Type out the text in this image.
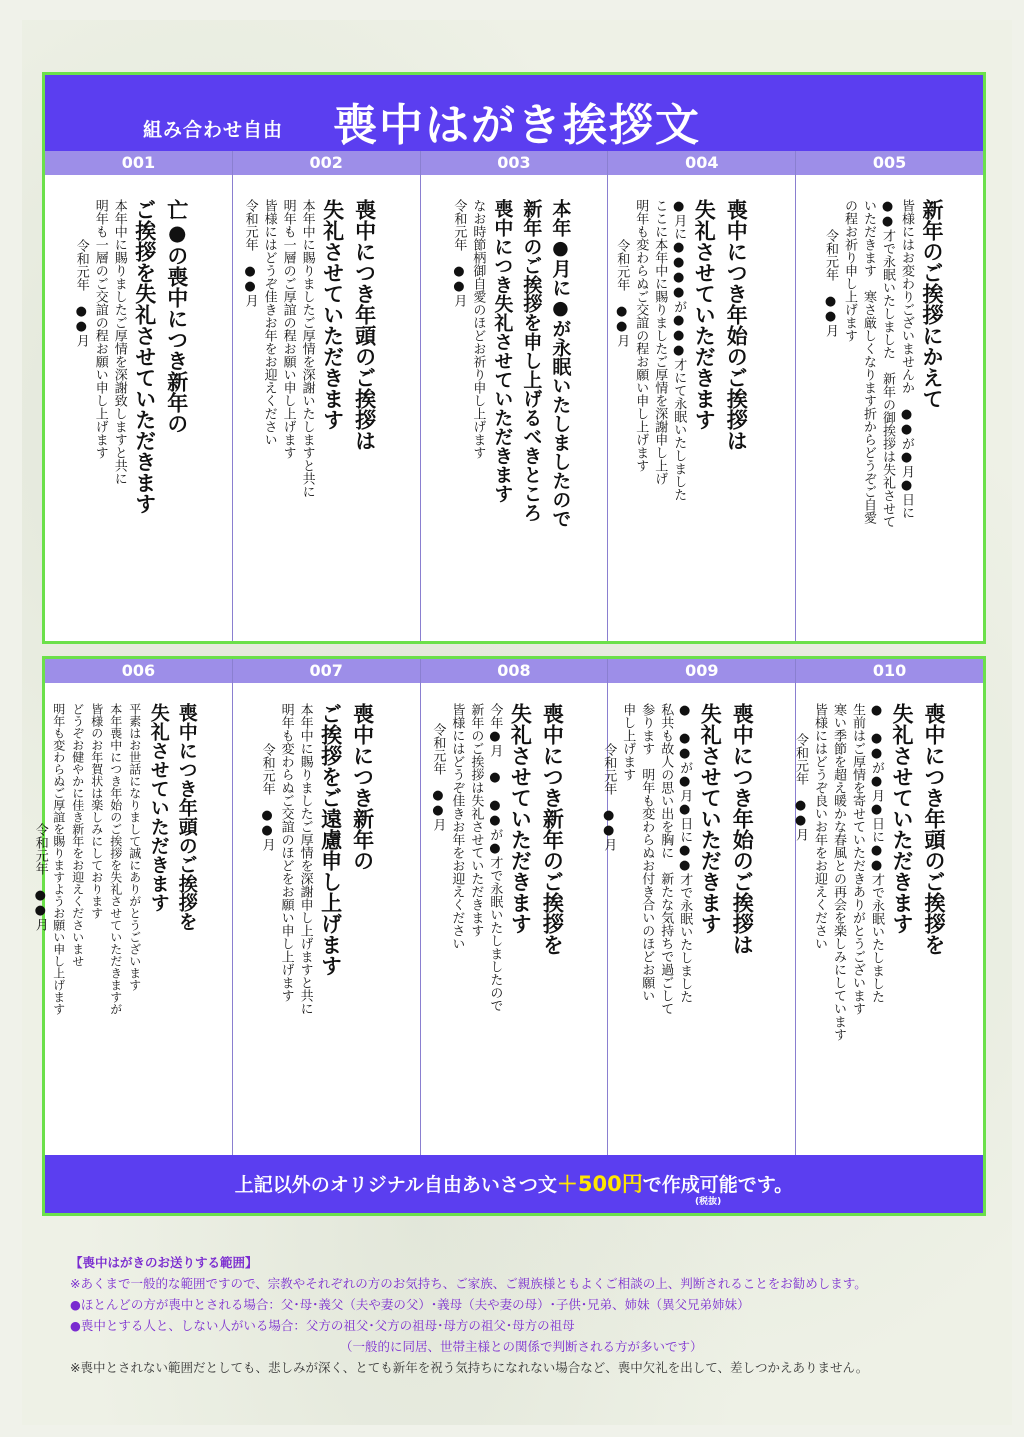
組み合わせ自由 喪中はがき挨拶文
001

亡●の喪中につき新年の
ご挨拶を失礼させていただきます
本年中に賜りましたご厚情を深謝致しますと共に
明年も一層のご交誼の程お願い申し上げます
令和元年　●●月

002

喪中につき年頭のご挨拶は
失礼させていただきます
本年中に賜りましたご厚情を深謝いたしますと共に
明年も一層のご厚誼の程お願い申し上げます
皆様にはどうぞ佳きお年をお迎えください
令和元年　●●月

003

本年●月に●が永眠いたしましたので
新年のご挨拶を申し上げるべきところ
喪中につき失礼させていただきます
なお時節柄御自愛のほどお祈り申し上げます
令和元年　●●月

004

喪中につき年始のご挨拶は
失礼させていただきます
●月に●●●●が●●●才にて永眠いたしました
ここに本年中に賜りましたご厚情を深謝申し上げ
明年も変わらぬご交誼の程お願い申し上げます
令和元年　●●月

005

新年のご挨拶にかえて
皆様にはお変わりございませんか　●●が●月●日に
●●才で永眠いたしました　新年の御挨拶は失礼させて
いただきます　寒さ厳しくなります折からどうぞご自愛
の程お祈り申し上げます
令和元年　●●月

006

喪中につき年頭のご挨拶を
失礼させていただきます
平素はお世話になりまして誠にありがとうございます
本年喪中につき年始のご挨拶を失礼させていただきますが
皆様のお年賀状は楽しみにしております
どうぞお健やかに佳き新年をお迎えくださいませ
明年も変わらぬご厚誼を賜りますようお願い申し上げます
令和元年　●●月

007

喪中につき新年の
ご挨拶をご遠慮申し上げます
本年中に賜りましたご厚情を深謝申し上げますと共に
明年も変わらぬご交誼のほどをお願い申し上げます
令和元年　●●月

008

喪中につき新年のご挨拶を
失礼させていただきます
今年●月　●　●●が●才で永眠いたしましたので
新年のご挨拶は失礼させていただきます
皆様にはどうぞ佳きお年をお迎えください
令和元年　●●月

009

喪中につき年始のご挨拶は
失礼させていただきます
●　●●が●月●日に●●才で永眠いたしました
私共も故人の思い出を胸に　新たな気持ちで過ごして
参ります　明年も変わらぬお付き合いのほどお願い
申し上げます
令和元年　●●月

010

喪中につき年頭のご挨拶を
失礼させていただきます
●　●●が●月●日に●●才で永眠いたしました
生前はご厚情を寄せていただきありがとうございます
寒い季節を超え暖かな春風との再会を楽しみにしています
皆様にはどうぞ良いお年をお迎えください
令和元年　●●月

上記以外のオリジナル自由あいさつ文＋500円で作成可能です。
(税抜)
【喪中はがきのお送りする範囲】
※あくまで一般的な範囲ですので、宗教やそれぞれの方のお気持ち、ご家族、ご親族様ともよくご相談の上、判断されることをお勧めします。
●ほとんどの方が喪中とされる場合：父･母･義父（夫や妻の父）･義母（夫や妻の母）･子供･兄弟、姉妹（異父兄弟姉妹）
●喪中とする人と、しない人がいる場合：父方の祖父･父方の祖母･母方の祖父･母方の祖母
（一般的に同居、世帯主様との関係で判断される方が多いです）
※喪中とされない範囲だとしても、悲しみが深く、とても新年を祝う気持ちになれない場合など、喪中欠礼を出して、差しつかえありません。
